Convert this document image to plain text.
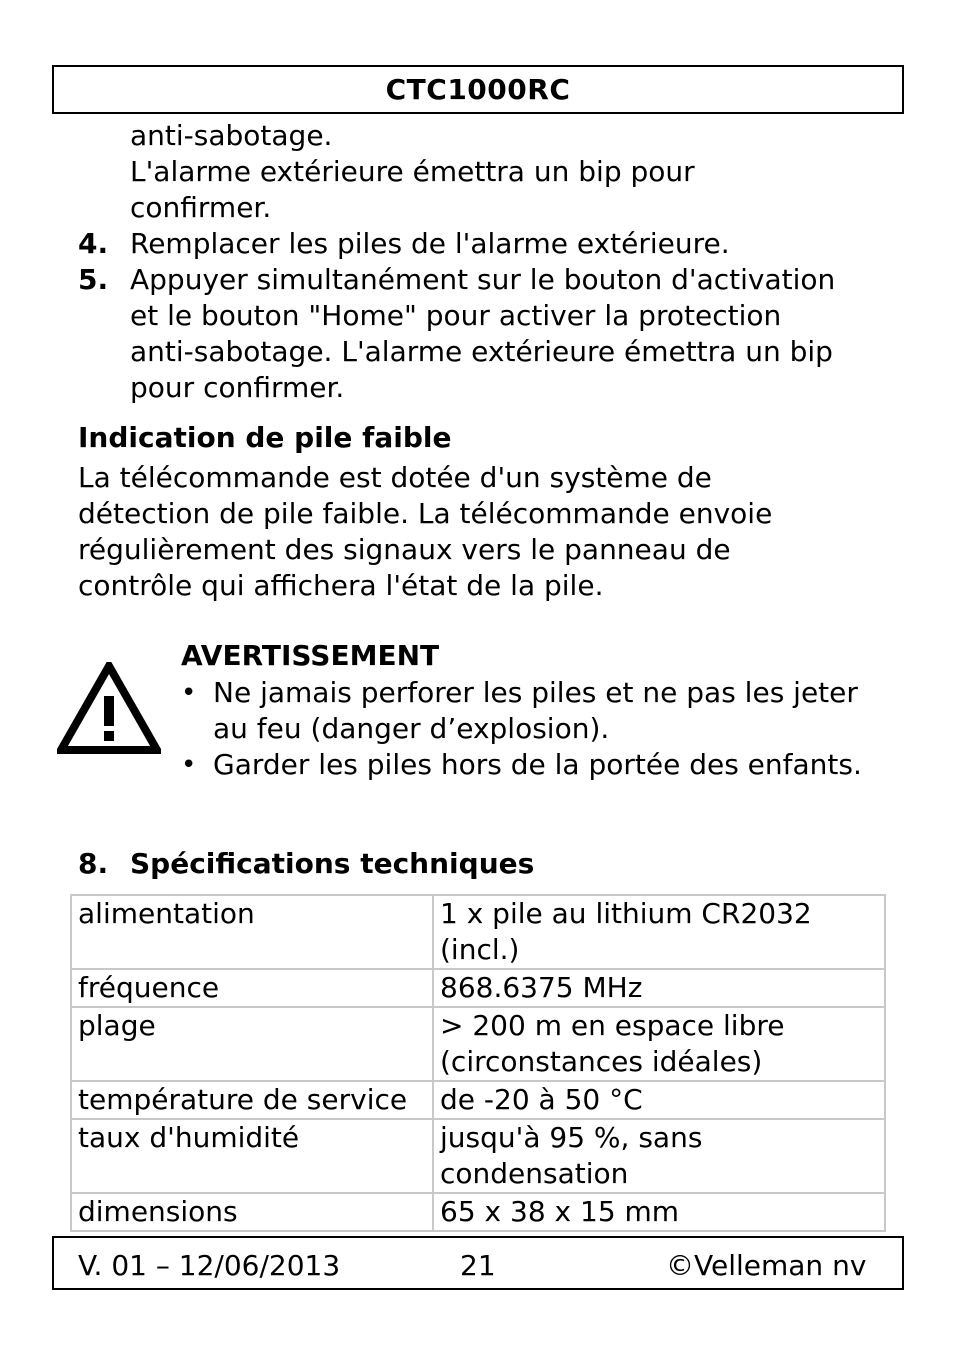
CTC1000RC
anti-sabotage.
L'alarme extérieure émettra un bip pour
confirmer.
4. Remplacer les piles de l'alarme extérieure.
5. Appuyer simultanément sur le bouton d'activation
et le bouton "Home" pour activer la protection
anti-sabotage. L'alarme extérieure émettra un bip
pour confirmer.
Indication de pile faible
La télécommande est dotée d'un système de
détection de pile faible. La télécommande envoie
régulièrement des signaux vers le panneau de
contrôle qui affichera l'état de la pile.
AVERTISSEMENT
• Ne jamais perforer les piles et ne pas les jeter
au feu (danger d’explosion).
• Garder les piles hors de la portée des enfants.
8. Spécifications techniques
alimentation	1 x pile au lithium CR2032
(incl.)

fréquence	868.6375 MHz

plage	> 200 m en espace libre
(circonstances idéales)

température de service	de -20 à 50 °C

taux d'humidité	jusqu'à 95 %, sans
condensation

dimensions	65 x 38 x 15 mm
V. 01 – 12/06/2013	21	©Velleman nv
